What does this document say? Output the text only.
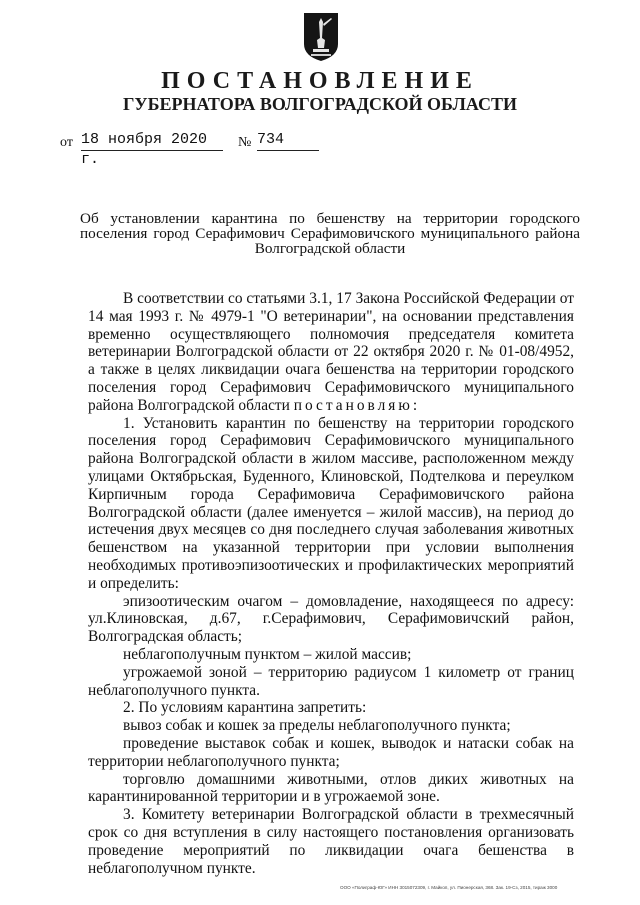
ПОСТАНОВЛЕНИЕ
ГУБЕРНАТОРА ВОЛГОГРАДСКОЙ ОБЛАСТИ
от 18 ноября 2020 г.
№ 734
Об установлении карантина по бешенству на территории городского поселения город Серафимович Серафимовичского муниципального района Волгоградской области

В соответствии со статьями 3.1, 17 Закона Российской Федерации от 14 мая 1993 г. № 4979-1 "О ветеринарии", на основании представления временно осуществляющего полномочия председателя комитета ветеринарии Волгоградской области от 22 октября 2020 г. № 01-08/4952, а также в целях ликвидации очага бешенства на территории городского поселения город Серафимович Серафимовичского муниципального района Волгоградской области постановляю:

1. Установить карантин по бешенству на территории городского поселения город Серафимович Серафимовичского муниципального района Волгоградской области в жилом массиве, расположенном между улицами Октябрьская, Буденного, Клиновской, Подтелкова и переулком Кирпичным города Серафимовича Серафимовичского района Волгоградской области (далее именуется – жилой массив), на период до истечения двух месяцев со дня последнего случая заболевания животных бешенством на указанной территории при условии выполнения необходимых противоэпизоотических и профилактических мероприятий и определить:

эпизоотическим очагом – домовладение, находящееся по адресу: ул.Клиновская, д.67, г.Серафимович, Серафимовичский район, Волгоградская область;

неблагополучным пунктом – жилой массив;

угрожаемой зоной – территорию радиусом 1 километр от границ неблагополучного пункта.

2. По условиям карантина запретить:

вывоз собак и кошек за пределы неблагополучного пункта;

проведение выставок собак и кошек, выводок и натаски собак на территории неблагополучного пункта;

торговлю домашними животными, отлов диких животных на карантинированной территории и в угрожаемой зоне.

3. Комитету ветеринарии Волгоградской области в трехмесячный срок со дня вступления в силу настоящего постановления организовать проведение мероприятий по ликвидации очага бешенства в неблагополучном пункте.

ООО «Полиграф-ЮГ» ИНН 3015072309, г. Майкоп, ул. Пионерская, 368. Зак. 19-Сз, 2015, тираж 3000
